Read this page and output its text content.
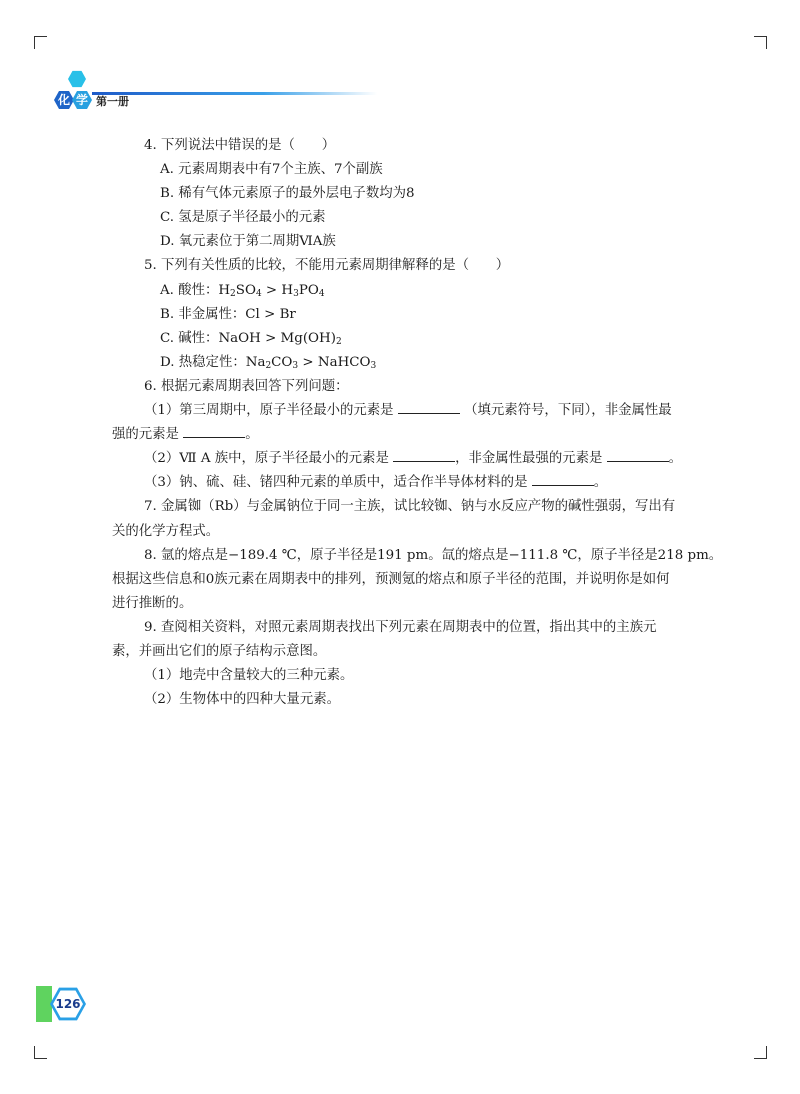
化 学 第一册
4. 下列说法中错误的是（　　）
A. 元素周期表中有7个主族、7个副族
B. 稀有气体元素原子的最外层电子数均为8
C. 氢是原子半径最小的元素
D. 氧元素位于第二周期ⅥA族
5. 下列有关性质的比较，不能用元素周期律解释的是（　　）
A. 酸性：$H_2SO_4 > H_3PO_4$
B. 非金属性：Cl > Br
C. 碱性：NaOH > $Mg(OH)_2$
D. 热稳定性：$Na_2CO_3$ > NaHCO$_3$
6. 根据元素周期表回答下列问题：
（1）第三周期中，原子半径最小的元素是	（填元素符号，下同），非金属性最
强的元素是	。
（2）Ⅶ A 族中，原子半径最小的元素是	，非金属性最强的元素是	。
（3）钠、硫、硅、锗四种元素的单质中，适合作半导体材料的是	。
7. 金属铷（Rb）与金属钠位于同一主族，试比较铷、钠与水反应产物的碱性强弱，写出有
关的化学方程式。
8. 氩的熔点是−189.4 ℃，原子半径是191 pm。氙的熔点是−111.8 ℃，原子半径是218 pm。
根据这些信息和0族元素在周期表中的排列，预测氪的熔点和原子半径的范围，并说明你是如何
进行推断的。
9. 查阅相关资料，对照元素周期表找出下列元素在周期表中的位置，指出其中的主族元
素，并画出它们的原子结构示意图。
（1）地壳中含量较大的三种元素。
（2）生物体中的四种大量元素。
126
